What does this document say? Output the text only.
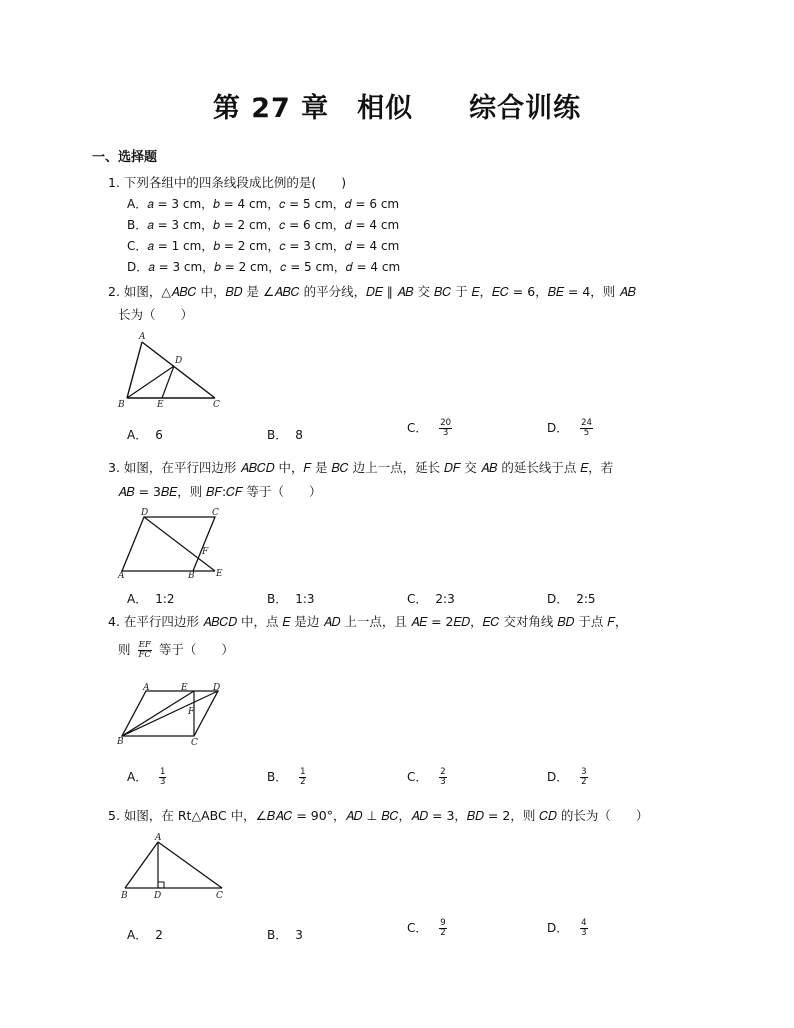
第 27 章　相似　　综合训练
一、选择题
1. 下列各组中的四条线段成比例的是(　　)
A．𝑎 = 3 cm，𝑏 = 4 cm，𝑐 = 5 cm，𝑑 = 6 cm
B．𝑎 = 3 cm，𝑏 = 2 cm，𝑐 = 6 cm，𝑑 = 4 cm
C．𝑎 = 1 cm，𝑏 = 2 cm，𝑐 = 3 cm，𝑑 = 4 cm
D．𝑎 = 3 cm，𝑏 = 2 cm，𝑐 = 5 cm，𝑑 = 4 cm
2. 如图，△𝐴𝐵𝐶 中，𝐵𝐷 是 ∠𝐴𝐵𝐶 的平分线，𝐷𝐸 ∥ 𝐴𝐵 交 𝐵𝐶 于 𝐸，𝐸𝐶 = 6，𝐵𝐸 = 4，则 𝐴𝐵
长为（　　）
A
D
B	E	C
A． 6	B． 8	C． $\frac{20}{3}$	D． $\frac{24}{5}$
3. 如图，在平行四边形 𝐴𝐵𝐶𝐷 中，𝐹 是 𝐵𝐶 边上一点，延长 𝐷𝐹 交 𝐴𝐵 的延长线于点 𝐸，若
𝐴𝐵 = 3𝐵𝐸，则 𝐵𝐹:𝐶𝐹 等于（　　）
D	C
F
A	B E
A． 1:2	B． 1:3	C． 2:3	D． 2:5
4. 在平行四边形 𝐴𝐵𝐶𝐷 中，点 𝐸 是边 𝐴𝐷 上一点，且 𝐴𝐸 = 2𝐸𝐷，𝐸𝐶 交对角线 𝐵𝐷 于点 𝐹，
则 $\frac{EF}{FC}$ 等于（　　）
A	E	D
F
B	C
A． $\frac{1}{3}$	B． $\frac{1}{2}$	C． $\frac{2}{3}$	D． $\frac{3}{2}$
5. 如图，在 Rt△ABC 中，∠𝐵𝐴𝐶 = 90°，𝐴𝐷 ⊥ 𝐵𝐶，𝐴𝐷 = 3，𝐵𝐷 = 2，则 𝐶𝐷 的长为（　　）
A
B	D	C
A． 2	B． 3	C． $\frac{9}{2}$	D． $\frac{4}{3}$
